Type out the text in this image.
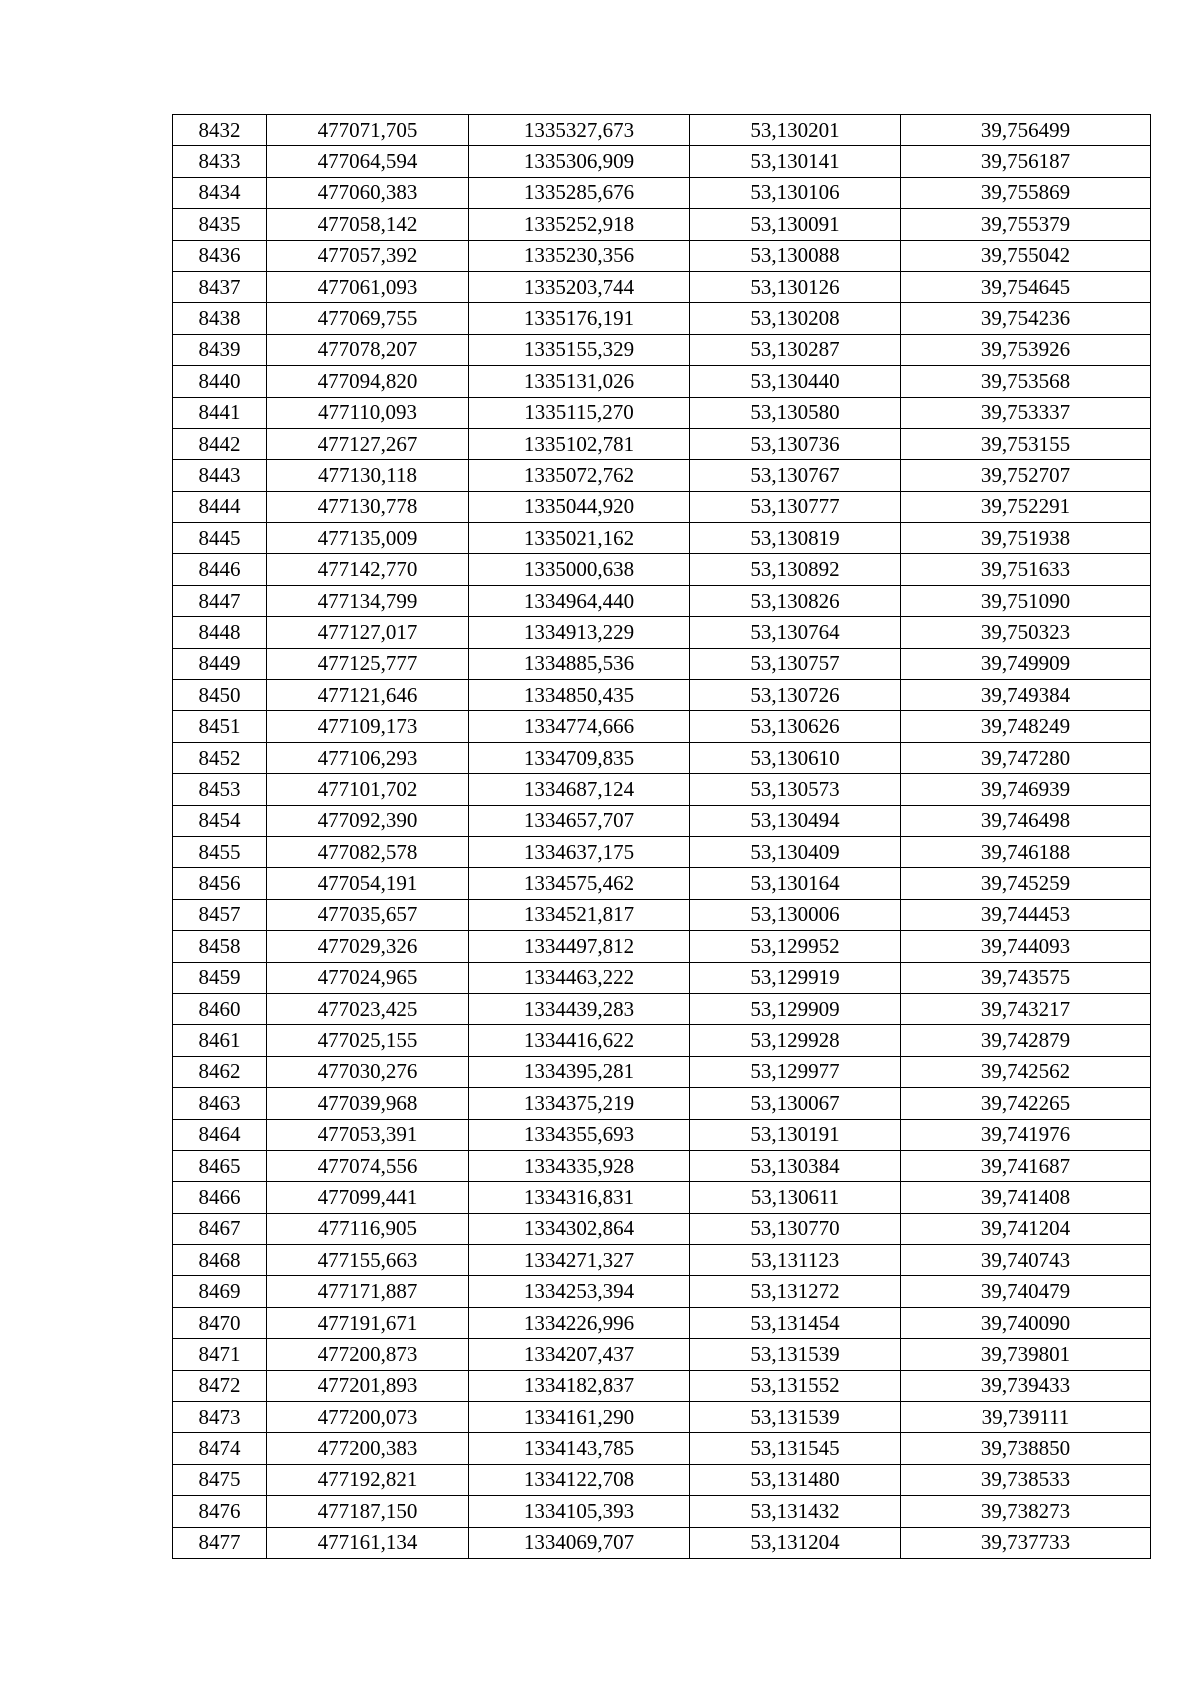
8432	477071,705	1335327,673	53,130201	39,756499
8433	477064,594	1335306,909	53,130141	39,756187
8434	477060,383	1335285,676	53,130106	39,755869
8435	477058,142	1335252,918	53,130091	39,755379
8436	477057,392	1335230,356	53,130088	39,755042
8437	477061,093	1335203,744	53,130126	39,754645
8438	477069,755	1335176,191	53,130208	39,754236
8439	477078,207	1335155,329	53,130287	39,753926
8440	477094,820	1335131,026	53,130440	39,753568
8441	477110,093	1335115,270	53,130580	39,753337
8442	477127,267	1335102,781	53,130736	39,753155
8443	477130,118	1335072,762	53,130767	39,752707
8444	477130,778	1335044,920	53,130777	39,752291
8445	477135,009	1335021,162	53,130819	39,751938
8446	477142,770	1335000,638	53,130892	39,751633
8447	477134,799	1334964,440	53,130826	39,751090
8448	477127,017	1334913,229	53,130764	39,750323
8449	477125,777	1334885,536	53,130757	39,749909
8450	477121,646	1334850,435	53,130726	39,749384
8451	477109,173	1334774,666	53,130626	39,748249
8452	477106,293	1334709,835	53,130610	39,747280
8453	477101,702	1334687,124	53,130573	39,746939
8454	477092,390	1334657,707	53,130494	39,746498
8455	477082,578	1334637,175	53,130409	39,746188
8456	477054,191	1334575,462	53,130164	39,745259
8457	477035,657	1334521,817	53,130006	39,744453
8458	477029,326	1334497,812	53,129952	39,744093
8459	477024,965	1334463,222	53,129919	39,743575
8460	477023,425	1334439,283	53,129909	39,743217
8461	477025,155	1334416,622	53,129928	39,742879
8462	477030,276	1334395,281	53,129977	39,742562
8463	477039,968	1334375,219	53,130067	39,742265
8464	477053,391	1334355,693	53,130191	39,741976
8465	477074,556	1334335,928	53,130384	39,741687
8466	477099,441	1334316,831	53,130611	39,741408
8467	477116,905	1334302,864	53,130770	39,741204
8468	477155,663	1334271,327	53,131123	39,740743
8469	477171,887	1334253,394	53,131272	39,740479
8470	477191,671	1334226,996	53,131454	39,740090
8471	477200,873	1334207,437	53,131539	39,739801
8472	477201,893	1334182,837	53,131552	39,739433
8473	477200,073	1334161,290	53,131539	39,739111
8474	477200,383	1334143,785	53,131545	39,738850
8475	477192,821	1334122,708	53,131480	39,738533
8476	477187,150	1334105,393	53,131432	39,738273
8477	477161,134	1334069,707	53,131204	39,737733
